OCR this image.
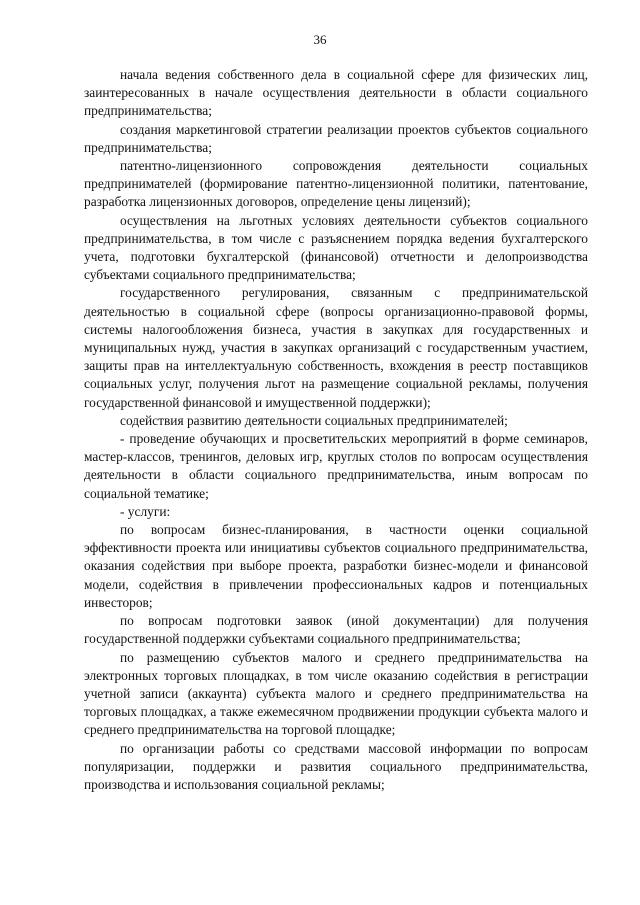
36

начала ведения собственного дела в социальной сфере для физических лиц, заинтересованных в начале осуществления деятельности в области социального предпринимательства;

создания маркетинговой стратегии реализации проектов субъектов социального предпринимательства;

патентно-лицензионного сопровождения деятельности социальных предпринимателей (формирование патентно-лицензионной политики, патентование, разработка лицензионных договоров, определение цены лицензий);

осуществления на льготных условиях деятельности субъектов социального предпринимательства, в том числе с разъяснением порядка ведения бухгалтерского учета, подготовки бухгалтерской (финансовой) отчетности и делопроизводства субъектами социального предпринимательства;

государственного регулирования, связанным с предпринимательской деятельностью в социальной сфере (вопросы организационно-правовой формы, системы налогообложения бизнеса, участия в закупках для государственных и муниципальных нужд, участия в закупках организаций с государственным участием, защиты прав на интеллектуальную собственность, вхождения в реестр поставщиков социальных услуг, получения льгот на размещение социальной рекламы, получения государственной финансовой и имущественной поддержки);

содействия развитию деятельности социальных предпринимателей;

- проведение обучающих и просветительских мероприятий в форме семинаров, мастер-классов, тренингов, деловых игр, круглых столов по вопросам осуществления деятельности в области социального предпринимательства, иным вопросам по социальной тематике;

- услуги:

по вопросам бизнес-планирования, в частности оценки социальной эффективности проекта или инициативы субъектов социального предпринимательства, оказания содействия при выборе проекта, разработки бизнес-модели и финансовой модели, содействия в привлечении профессиональных кадров и потенциальных инвесторов;

по вопросам подготовки заявок (иной документации) для получения государственной поддержки субъектами социального предпринимательства;

по размещению субъектов малого и среднего предпринимательства на электронных торговых площадках, в том числе оказанию содействия в регистрации учетной записи (аккаунта) субъекта малого и среднего предпринимательства на торговых площадках, а также ежемесячном продвижении продукции субъекта малого и среднего предпринимательства на торговой площадке;

по организации работы со средствами массовой информации по вопросам популяризации, поддержки и развития социального предпринимательства, производства и использования социальной рекламы;
